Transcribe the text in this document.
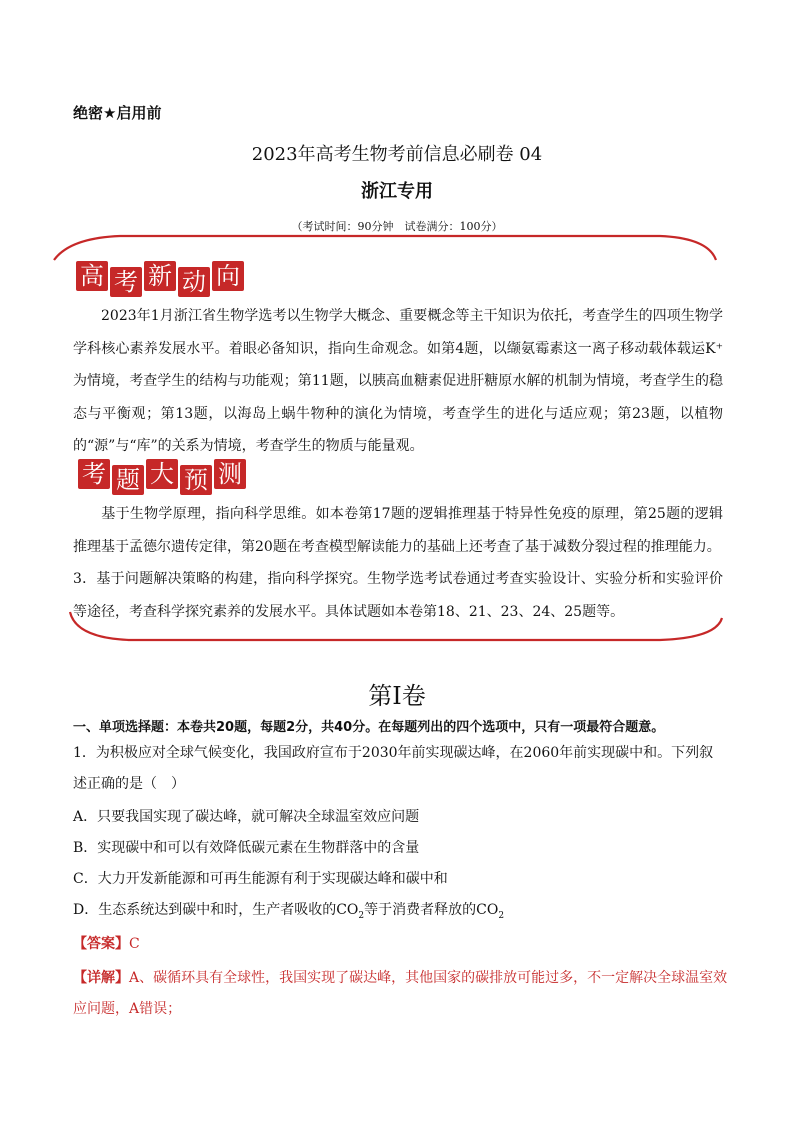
绝密★启用前
2023年高考生物考前信息必刷卷 04
浙江专用
（考试时间：90分钟　试卷满分：100分）
高 考 新 动 向
2023年1月浙江省生物学选考以生物学大概念、重要概念等主干知识为依托，考查学生的四项生物学学科核心素养发展水平。着眼必备知识，指向生命观念。如第4题，以缬氨霉素这一离子移动载体载运K⁺为情境，考查学生的结构与功能观；第11题，以胰高血糖素促进肝糖原水解的机制为情境，考查学生的稳态与平衡观；第13题，以海岛上蜗牛物种的演化为情境，考查学生的进化与适应观；第23题，以植物的“源”与“库”的关系为情境，考查学生的物质与能量观。
考 题 大 预 测
基于生物学原理，指向科学思维。如本卷第17题的逻辑推理基于特异性免疫的原理，第25题的逻辑推理基于孟德尔遗传定律，第20题在考查模型解读能力的基础上还考查了基于减数分裂过程的推理能力。
3．基于问题解决策略的构建，指向科学探究。生物学选考试卷通过考查实验设计、实验分析和实验评价等途径，考查科学探究素养的发展水平。具体试题如本卷第18、21、23、24、25题等。
第Ⅰ卷
一、单项选择题：本卷共20题，每题2分，共40分。在每题列出的四个选项中，只有一项最符合题意。
1．为积极应对全球气候变化，我国政府宣布于2030年前实现碳达峰，在2060年前实现碳中和。下列叙述正确的是（　）
A．只要我国实现了碳达峰，就可解决全球温室效应问题
B．实现碳中和可以有效降低碳元素在生物群落中的含量
C．大力开发新能源和可再生能源有利于实现碳达峰和碳中和
D．生态系统达到碳中和时，生产者吸收的$CO_2$等于消费者释放的$CO_2$
【答案】C
【详解】A、碳循环具有全球性，我国实现了碳达峰，其他国家的碳排放可能过多，不一定解决全球温室效应问题，A错误；
